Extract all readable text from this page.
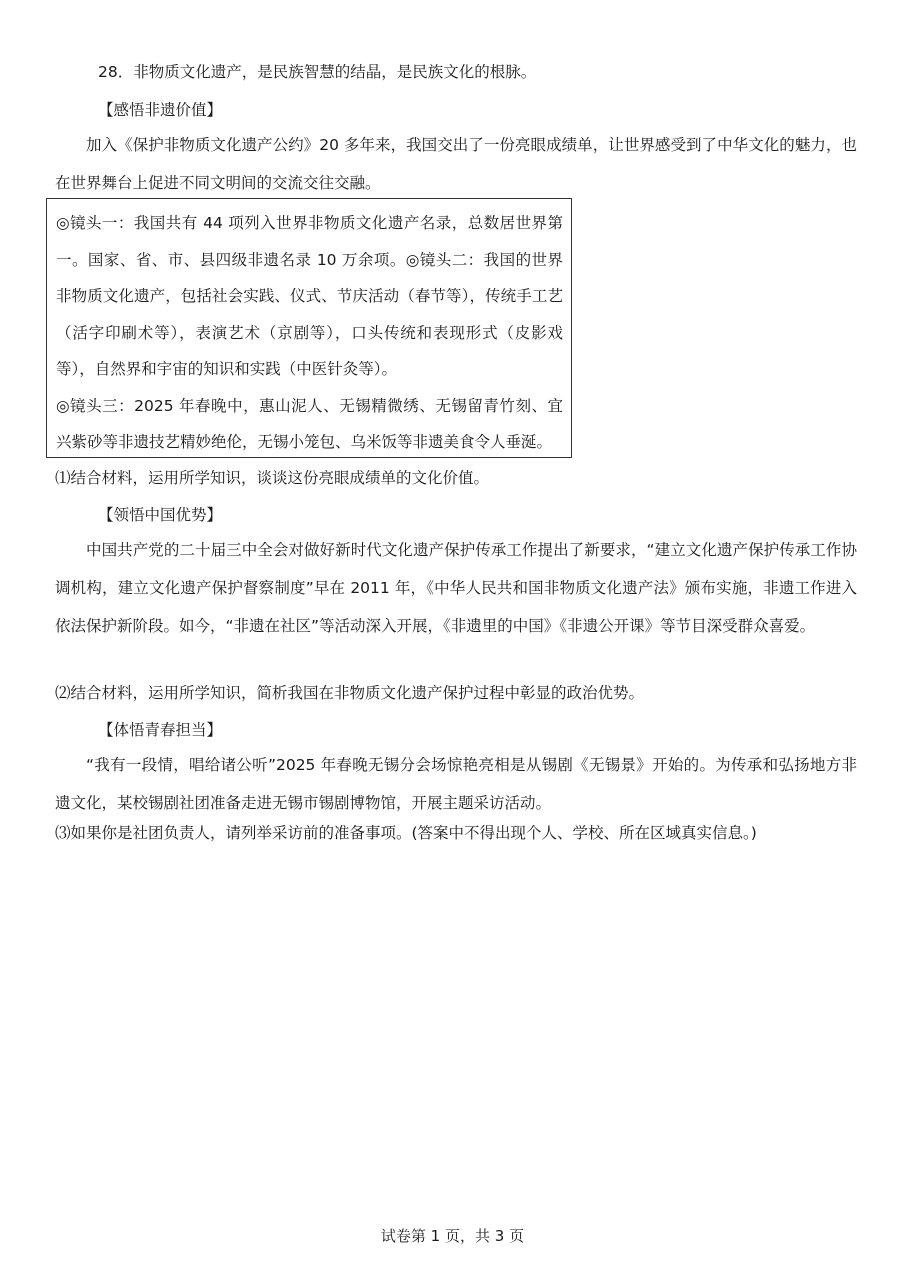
28．非物质文化遗产，是民族智慧的结晶，是民族文化的根脉。
【感悟非遗价值】
加入《保护非物质文化遗产公约》20 多年来，我国交出了一份亮眼成绩单，让世界感受到了中华文化的魅力，也在世界舞台上促进不同文明间的交流交往交融。

◎镜头一：我国共有 44 项列入世界非物质文化遗产名录，总数居世界第一。国家、省、市、县四级非遗名录 10 万余项。◎镜头二：我国的世界非物质文化遗产，包括社会实践、仪式、节庆活动（春节等），传统手工艺（活字印刷术等），表演艺术（京剧等），口头传统和表现形式（皮影戏等），自然界和宇宙的知识和实践（中医针灸等）。

◎镜头三：2025 年春晚中，惠山泥人、无锡精微绣、无锡留青竹刻、宜兴紫砂等非遗技艺精妙绝伦，无锡小笼包、乌米饭等非遗美食令人垂涎。

⑴结合材料，运用所学知识，谈谈这份亮眼成绩单的文化价值。
【领悟中国优势】
中国共产党的二十届三中全会对做好新时代文化遗产保护传承工作提出了新要求，“建立文化遗产保护传承工作协调机构，建立文化遗产保护督察制度”早在 2011 年，《中华人民共和国非物质文化遗产法》颁布实施，非遗工作进入依法保护新阶段。如今，“非遗在社区”等活动深入开展，《非遗里的中国》《非遗公开课》等节目深受群众喜爱。
⑵结合材料，运用所学知识，简析我国在非物质文化遗产保护过程中彰显的政治优势。
【体悟青春担当】
“我有一段情，唱给诸公听”2025 年春晚无锡分会场惊艳亮相是从锡剧《无锡景》开始的。为传承和弘扬地方非遗文化，某校锡剧社团准备走进无锡市锡剧博物馆，开展主题采访活动。
⑶如果你是社团负责人，请列举采访前的准备事项。(答案中不得出现个人、学校、所在区域真实信息。)
试卷第 1 页，共 3 页
